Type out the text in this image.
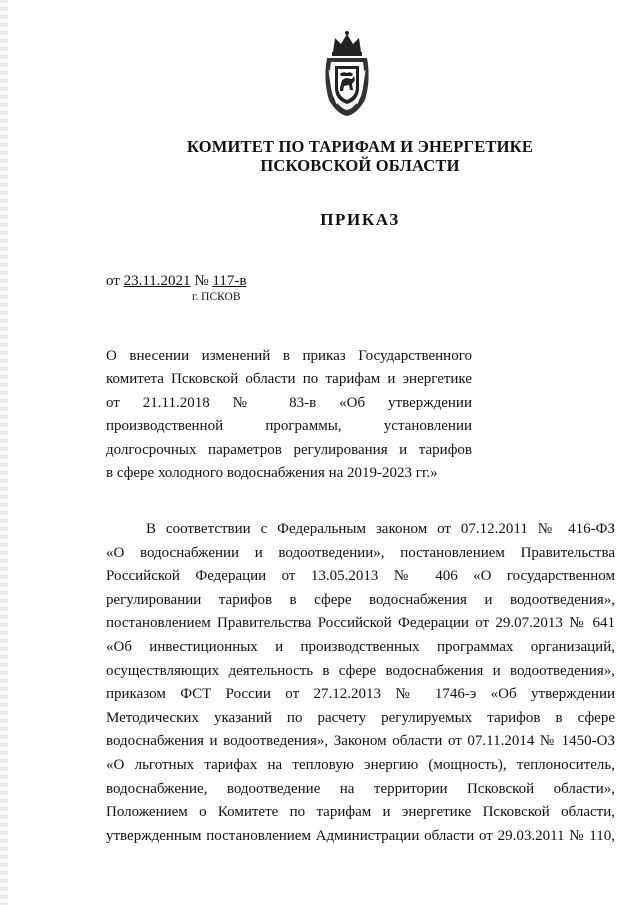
КОМИТЕТ ПО ТАРИФАМ И ЭНЕРГЕТИКЕ
ПСКОВСКОЙ ОБЛАСТИ
ПРИКАЗ
от 23.11.2021 № 117-в
г. ПСКОВ
О внесении изменений в приказ Государственного
комитета Псковской области по тарифам и энергетике
от 21.11.2018 № 83-в «Об утверждении
производственной программы, установлении
долгосрочных параметров регулирования и тарифов
в сфере холодного водоснабжения на 2019-2023 гг.»
В соответствии с Федеральным законом от 07.12.2011 № 416-ФЗ
«О водоснабжении и водоотведении», постановлением Правительства
Российской Федерации от 13.05.2013 № 406 «О государственном
регулировании тарифов в сфере водоснабжения и водоотведения»,
постановлением Правительства Российской Федерации от 29.07.2013 № 641
«Об инвестиционных и производственных программах организаций,
осуществляющих деятельность в сфере водоснабжения и водоотведения»,
приказом ФСТ России от 27.12.2013 № 1746-э «Об утверждении
Методических указаний по расчету регулируемых тарифов в сфере
водоснабжения и водоотведения», Законом области от 07.11.2014 № 1450-ОЗ
«О льготных тарифах на тепловую энергию (мощность), теплоноситель,
водоснабжение, водоотведение на территории Псковской области»,
Положением о Комитете по тарифам и энергетике Псковской области,
утвержденным постановлением Администрации области от 29.03.2011 № 110,
